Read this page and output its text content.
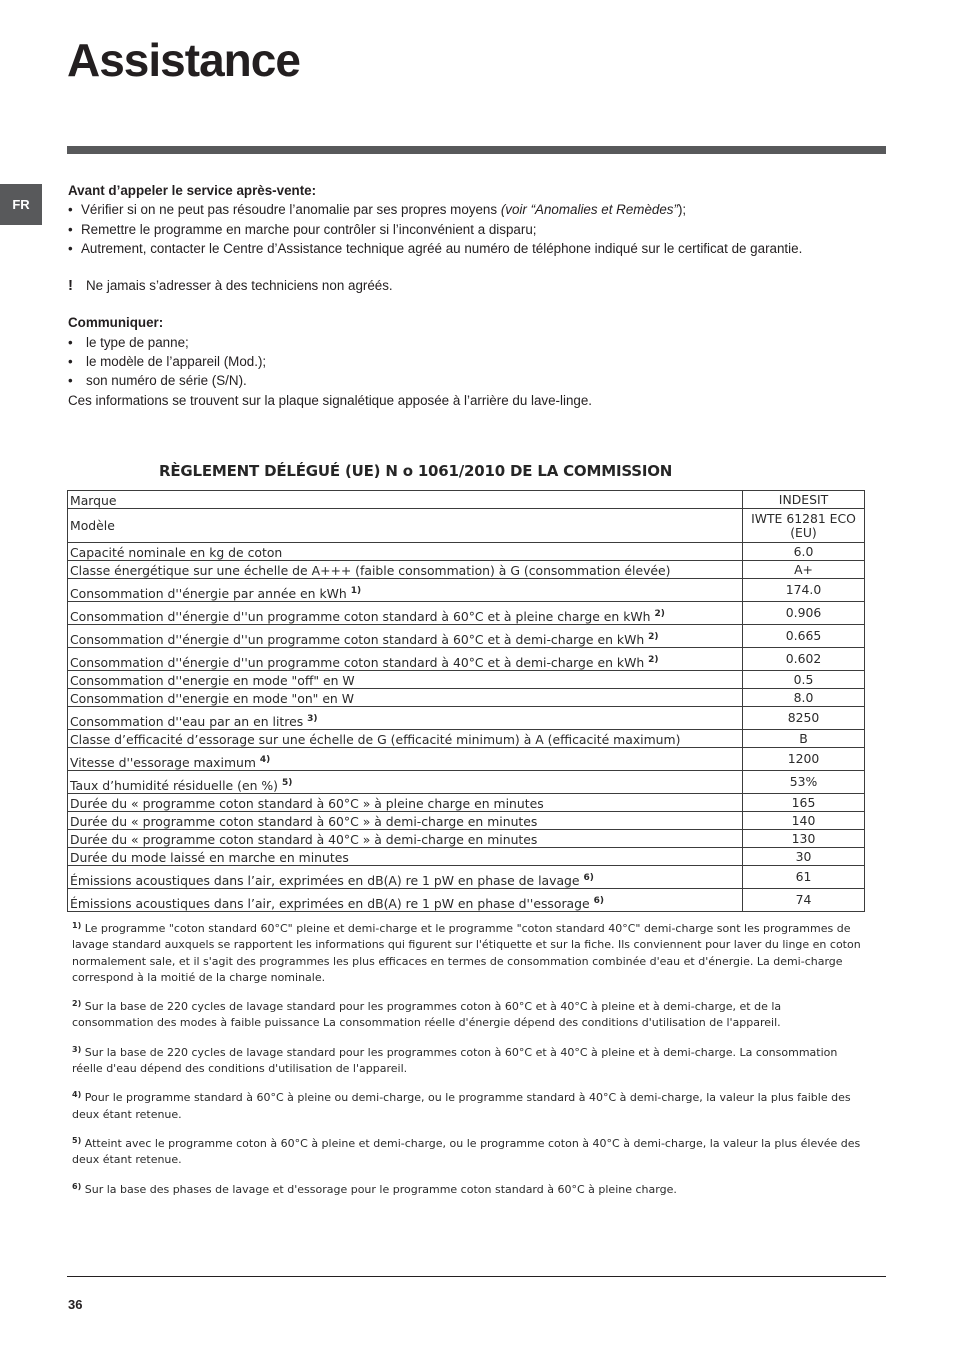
Assistance
FR

Avant d’appeler le service après-vente:

• Vérifier si on ne peut pas résoudre l’anomalie par ses propres moyens (voir “Anomalies et Remèdes”);
• Remettre le programme en marche pour contrôler si l’inconvénient a disparu;
• Autrement, contacter le Centre d’Assistance technique agréé au numéro de téléphone indiqué sur le certificat de garantie.
! Ne jamais s’adresser à des techniciens non agréés.

Communiquer:

• le type de panne;
• le modèle de l’appareil (Mod.);
• son numéro de série (S/N).

Ces informations se trouvent sur la plaque signalétique apposée à l’arrière du lave-linge.

RÈGLEMENT DÉLÉGUÉ (UE) N o 1061/2010 DE LA COMMISSION
Marque	INDESIT
Modèle	IWTE 61281 ECO (EU)
Capacité nominale en kg de coton	6.0
Classe énergétique sur une échelle de A+++ (faible consommation) à G (consommation élevée)	A+
Consommation d''énergie par année en kWh $^{1)}$	174.0
Consommation d''énergie d''un programme coton standard à 60°C et à pleine charge en kWh $^{2)}$	0.906
Consommation d''énergie d''un programme coton standard à 60°C et à demi-charge en kWh $^{2)}$	0.665
Consommation d''énergie d''un programme coton standard à 40°C et à demi-charge en kWh $^{2)}$	0.602
Consommation d''energie en mode "off" en W	0.5
Consommation d''energie en mode "on" en W	8.0
Consommation d''eau par an en litres $^{3)}$	8250
Classe d’efficacité d’essorage sur une échelle de G (efficacité minimum) à A (efficacité maximum)	B
Vitesse d''essorage maximum $^{4)}$	1200
Taux d’humidité résiduelle (en %) $^{5)}$	53%
Durée du « programme coton standard à 60°C » à pleine charge en minutes	165
Durée du « programme coton standard à 60°C » à demi-charge en minutes	140
Durée du « programme coton standard à 40°C » à demi-charge en minutes	130
Durée du mode laissé en marche en minutes	30
Émissions acoustiques dans l’air, exprimées en dB(A) re 1 pW en phase de lavage $^{6)}$	61
Émissions acoustiques dans l’air, exprimées en dB(A) re 1 pW en phase d''essorage $^{6)}$	74

$^{1)}$ Le programme "coton standard 60°C" pleine et demi-charge et le programme "coton standard 40°C" demi-charge sont les programmes de lavage standard auxquels se rapportent les informations qui figurent sur l'étiquette et sur la fiche. Ils conviennent pour laver du linge en coton normalement sale, et il s'agit des programmes les plus efficaces en termes de consommation combinée d'eau et d'énergie. La demi-charge correspond à la moitié de la charge nominale.

$^{2)}$ Sur la base de 220 cycles de lavage standard pour les programmes coton à 60°C et à 40°C à pleine et à demi-charge, et de la consommation des modes à faible puissance La consommation réelle d'énergie dépend des conditions d'utilisation de l'appareil.

$^{3)}$ Sur la base de 220 cycles de lavage standard pour les programmes coton à 60°C et à 40°C à pleine et à demi-charge. La consommation réelle d'eau dépend des conditions d'utilisation de l'appareil.

$^{4)}$ Pour le programme standard à 60°C à pleine ou demi-charge, ou le programme standard à 40°C à demi-charge, la valeur la plus faible des deux étant retenue.

$^{5)}$ Atteint avec le programme coton à 60°C à pleine et demi-charge, ou le programme coton à 40°C à demi-charge, la valeur la plus élevée des deux étant retenue.

$^{6)}$ Sur la base des phases de lavage et d'essorage pour le programme coton standard à 60°C à pleine charge.

36
